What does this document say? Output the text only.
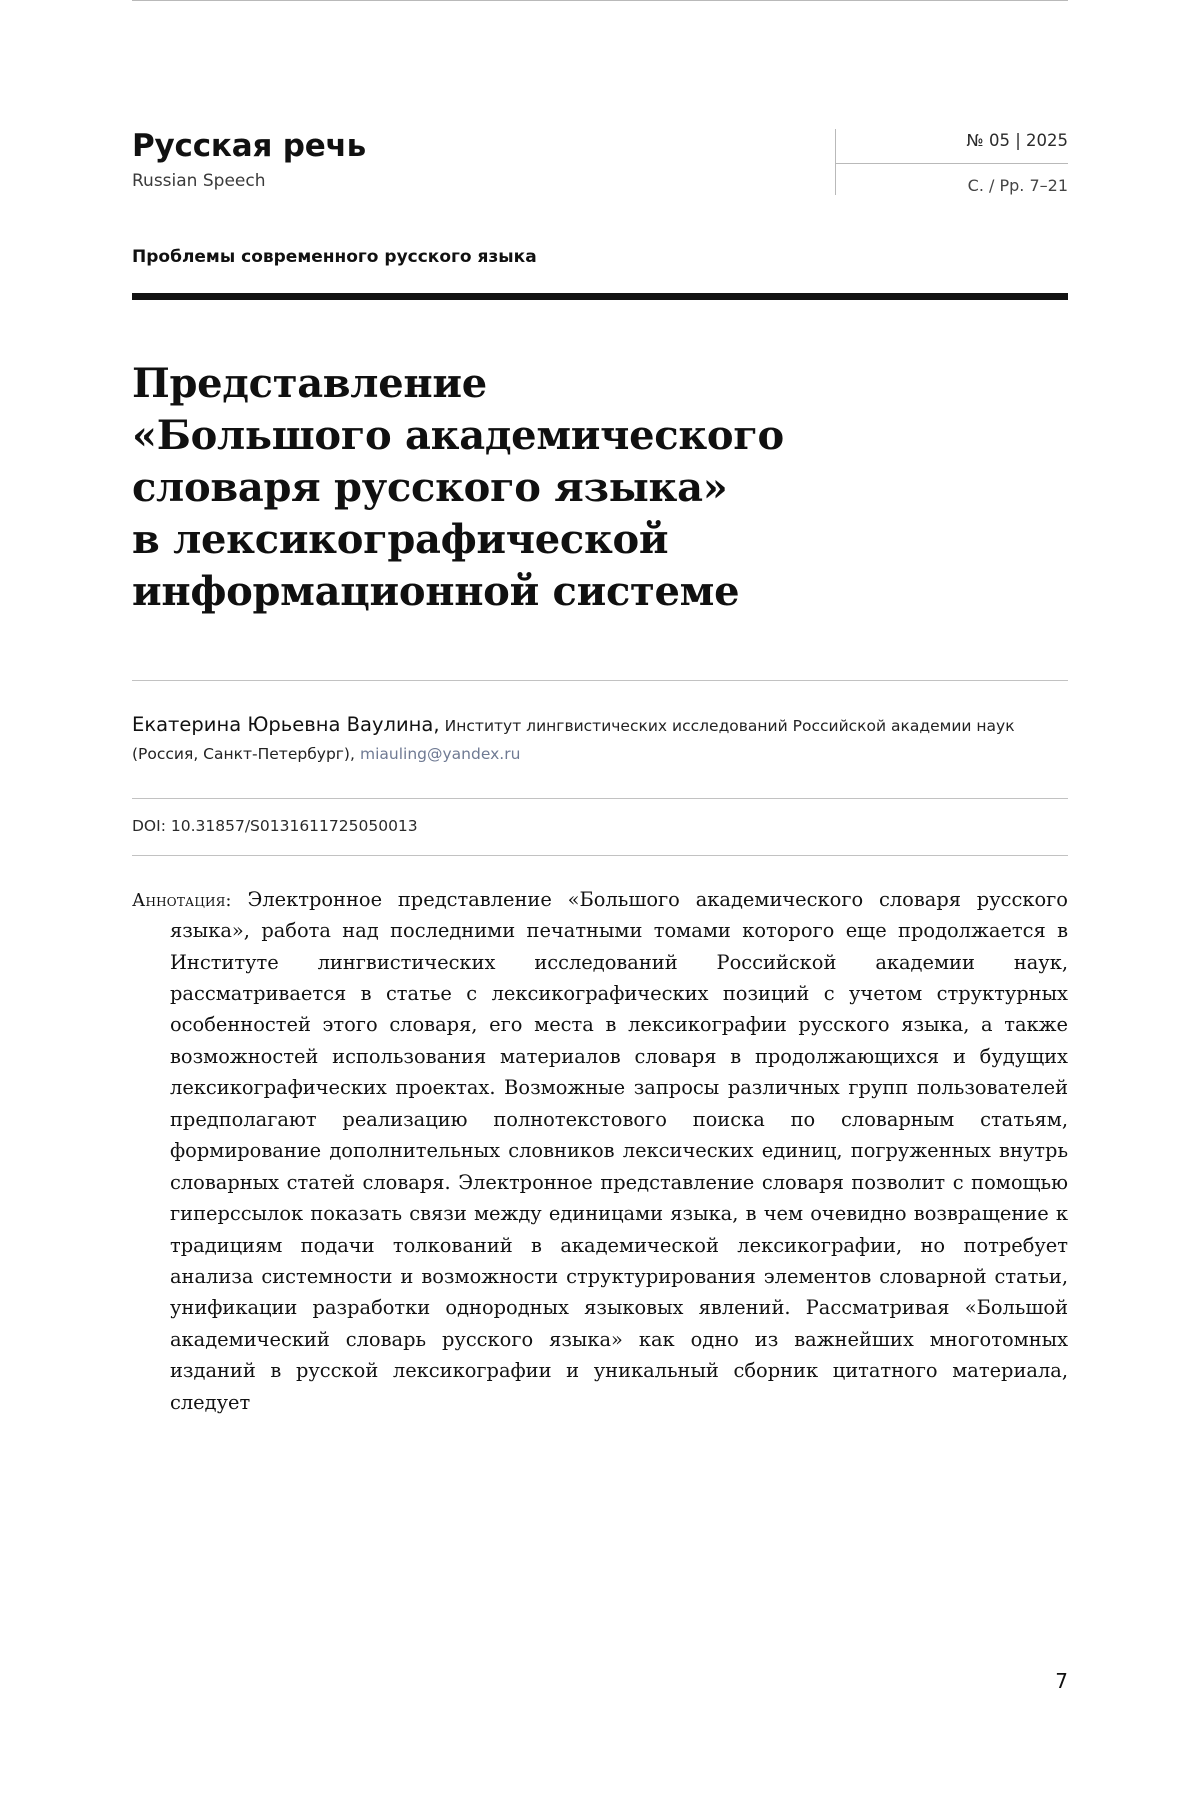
Русская речь
Russian Speech
№ 05 | 2025
С. / Pp. 7–21
Проблемы современного русского языка
Представление
«Большого академического
словаря русского языка»
в лексикографической
информационной системе
Екатерина Юрьевна Ваулина, Институт лингвистических исследований Российской академии наук (Россия, Санкт-Петербург), miauling@yandex.ru
DOI: 10.31857/S0131611725050013

Аннотация: Электронное представление «Большого академического словаря русского языка», работа над последними печатными томами которого еще продолжается в Институте лингвистических исследований Российской академии наук, рассматривается в статье с лексикографических позиций с учетом структурных особенностей этого словаря, его места в лексикографии русского языка, а также возможностей использования материалов словаря в продолжающихся и будущих лексикографических проектах. Возможные запросы различных групп пользователей предполагают реализацию полнотекстового поиска по словарным статьям, формирование дополнительных словников лексических единиц, погруженных внутрь словарных статей словаря. Электронное представление словаря позволит с помощью гиперссылок показать связи между единицами языка, в чем очевидно возвращение к традициям подачи толкований в академической лексикографии, но потребует анализа системности и возможности структурирования элементов словарной статьи, унификации разработки однородных языковых явлений. Рассматривая «Большой академический словарь русского языка» как одно из важнейших многотомных изданий в русской лексикографии и уникальный сборник цитатного материала, следует

7
